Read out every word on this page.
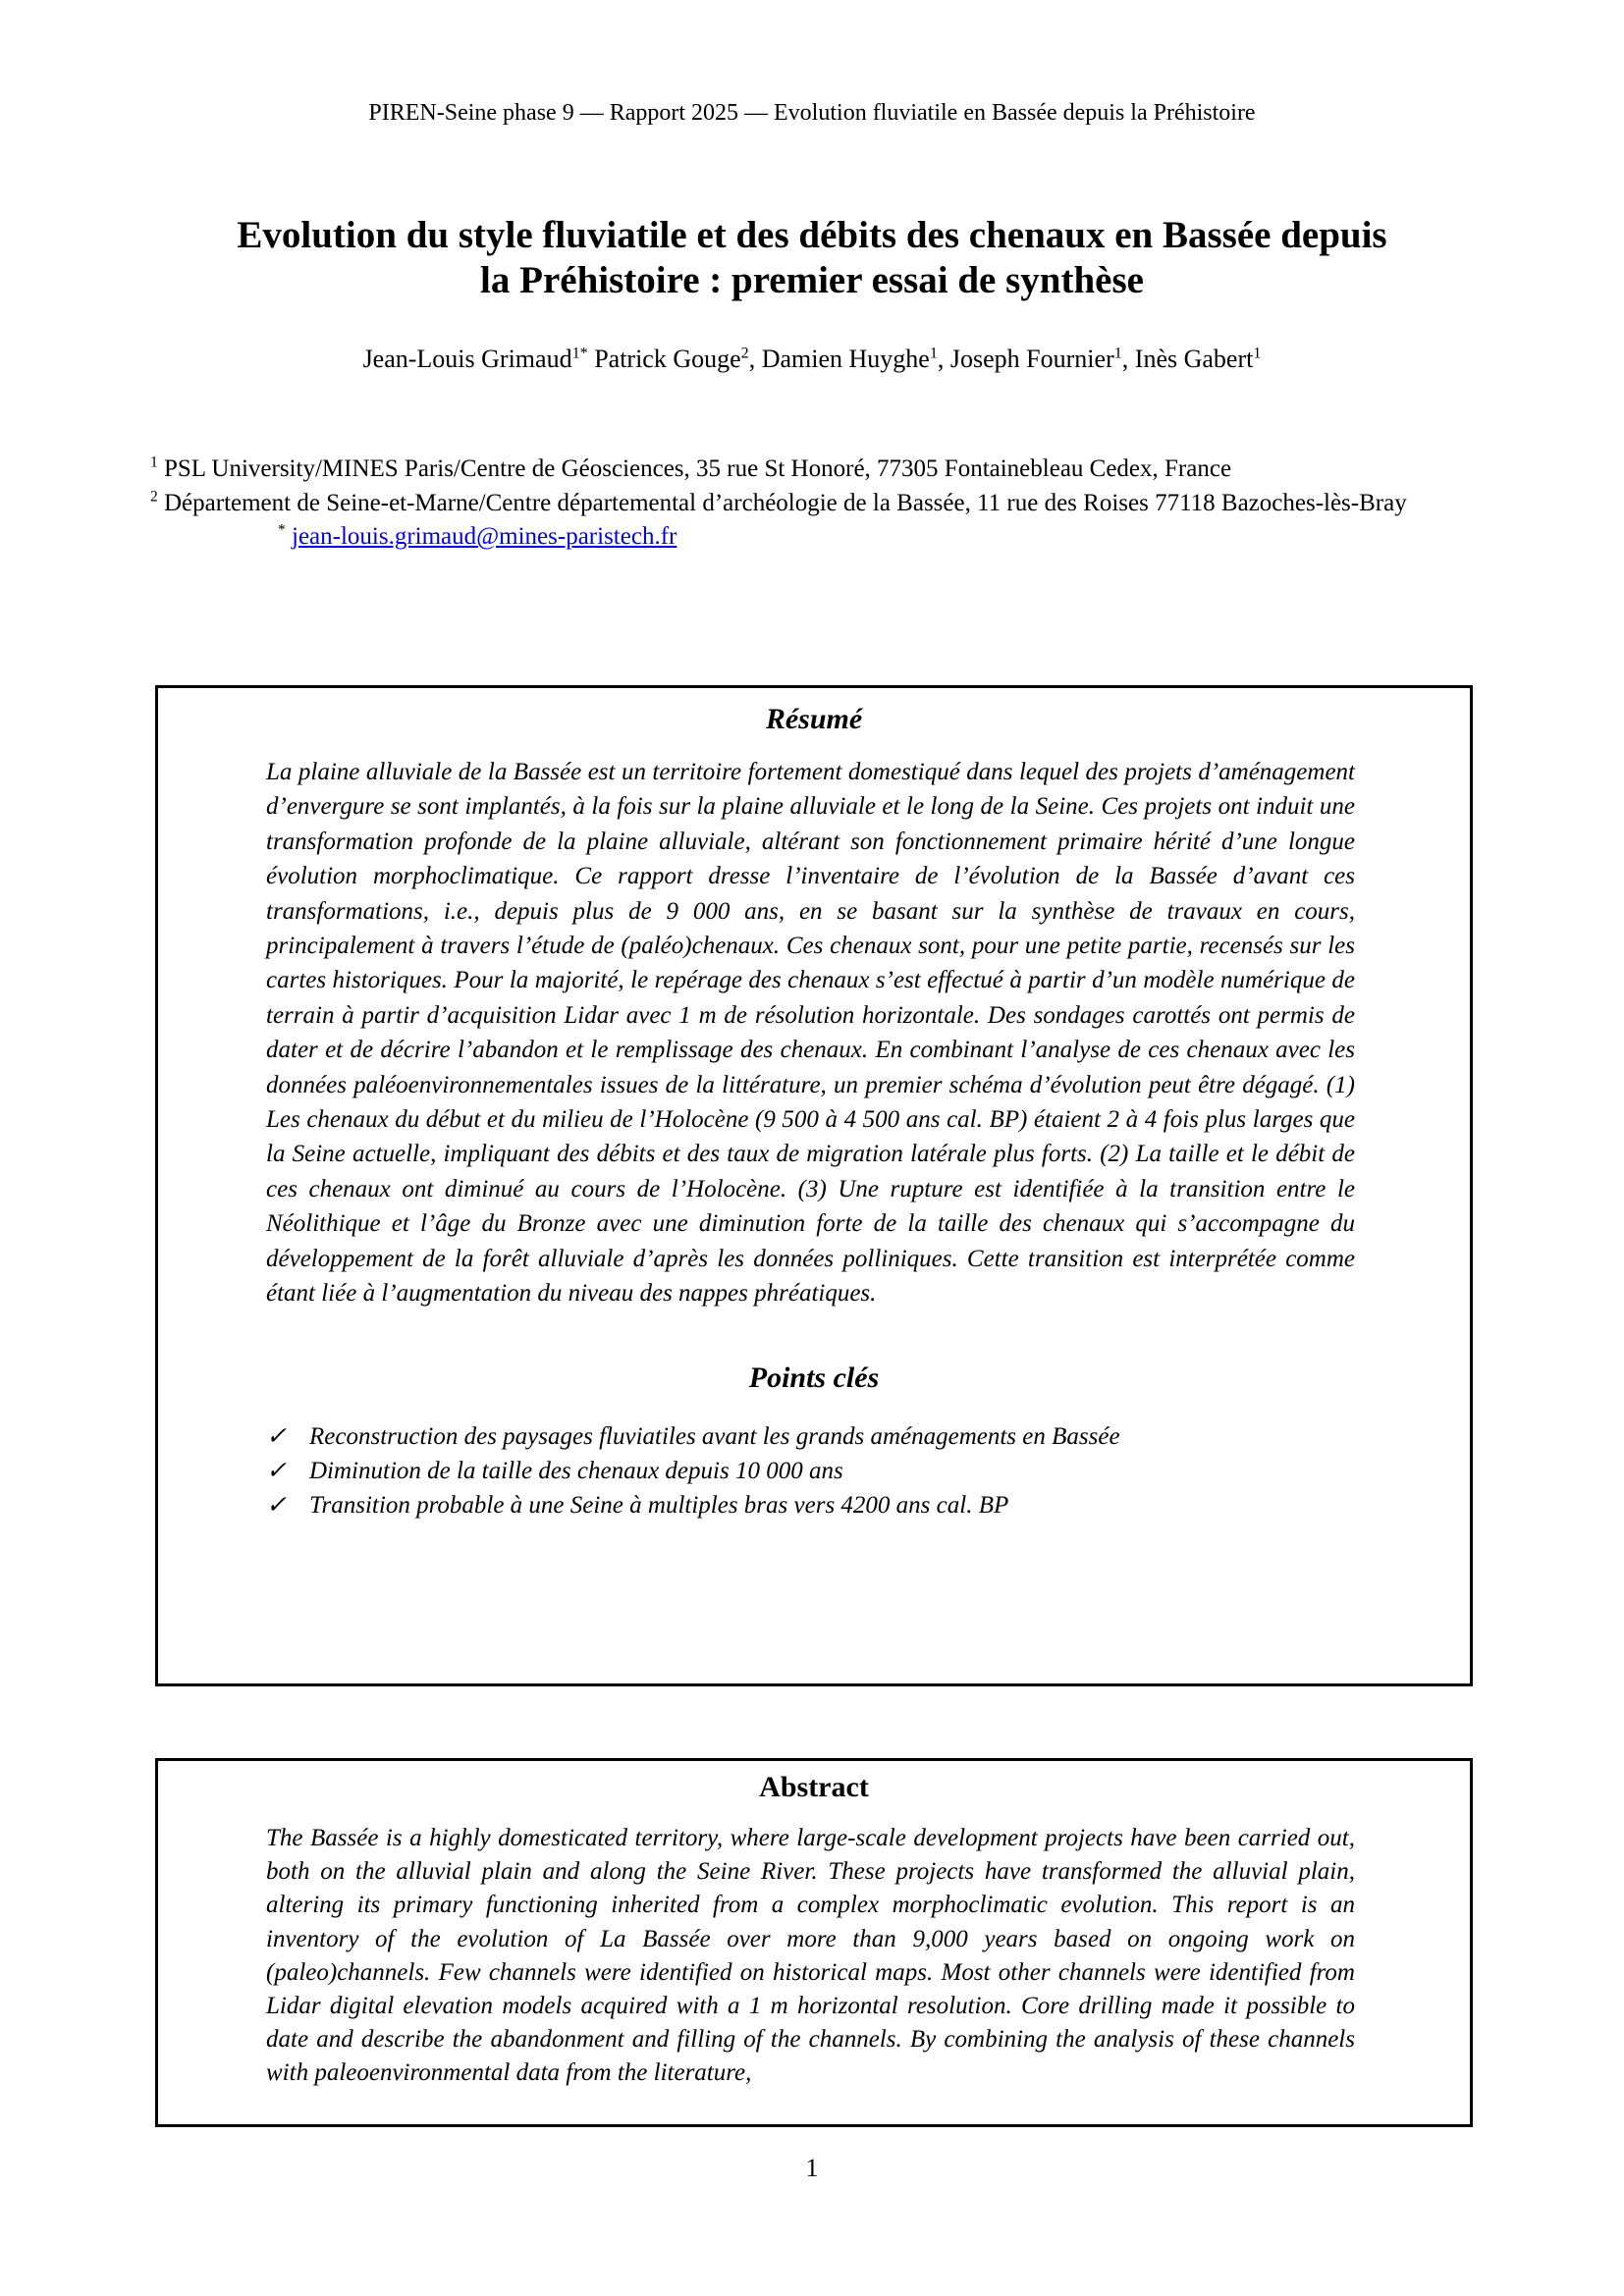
PIREN-Seine phase 9 — Rapport 2025 — Evolution fluviatile en Bassée depuis la Préhistoire
Evolution du style fluviatile et des débits des chenaux en Bassée depuis
la Préhistoire : premier essai de synthèse
Jean-Louis Grimaud$^{1*}$ Patrick Gouge$^2$, Damien Huyghe$^1$, Joseph Fournier$^1$, Inès Gabert$^1$
$^1$ PSL University/MINES Paris/Centre de Géosciences, 35 rue St Honoré, 77305 Fontainebleau Cedex, France
$^2$ Département de Seine-et-Marne/Centre départemental d’archéologie de la Bassée, 11 rue des Roises 77118 Bazoches-lès-Bray
* jean-louis.grimaud@mines-paristech.fr
Résumé
La plaine alluviale de la Bassée est un territoire fortement domestiqué dans lequel des projets d’aménagement d’envergure se sont implantés, à la fois sur la plaine alluviale et le long de la Seine. Ces projets ont induit une transformation profonde de la plaine alluviale, altérant son fonctionnement primaire hérité d’une longue évolution morphoclimatique. Ce rapport dresse l’inventaire de l’évolution de la Bassée d’avant ces transformations, i.e., depuis plus de 9 000 ans, en se basant sur la synthèse de travaux en cours, principalement à travers l’étude de (paléo)chenaux. Ces chenaux sont, pour une petite partie, recensés sur les cartes historiques. Pour la majorité, le repérage des chenaux s’est effectué à partir d’un modèle numérique de terrain à partir d’acquisition Lidar avec 1 m de résolution horizontale. Des sondages carottés ont permis de dater et de décrire l’abandon et le remplissage des chenaux. En combinant l’analyse de ces chenaux avec les données paléoenvironnementales issues de la littérature, un premier schéma d’évolution peut être dégagé. (1) Les chenaux du début et du milieu de l’Holocène (9 500 à 4 500 ans cal. BP) étaient 2 à 4 fois plus larges que la Seine actuelle, impliquant des débits et des taux de migration latérale plus forts. (2) La taille et le débit de ces chenaux ont diminué au cours de l’Holocène. (3) Une rupture est identifiée à la transition entre le Néolithique et l’âge du Bronze avec une diminution forte de la taille des chenaux qui s’accompagne du développement de la forêt alluviale d’après les données polliniques. Cette transition est interprétée comme étant liée à l’augmentation du niveau des nappes phréatiques.
Points clés
✓ Reconstruction des paysages fluviatiles avant les grands aménagements en Bassée
✓ Diminution de la taille des chenaux depuis 10 000 ans
✓ Transition probable à une Seine à multiples bras vers 4200 ans cal. BP
Abstract
The Bassée is a highly domesticated territory, where large-scale development projects have been carried out, both on the alluvial plain and along the Seine River. These projects have transformed the alluvial plain, altering its primary functioning inherited from a complex morphoclimatic evolution. This report is an inventory of the evolution of La Bassée over more than 9,000 years based on ongoing work on (paleo)channels. Few channels were identified on historical maps. Most other channels were identified from Lidar digital elevation models acquired with a 1 m horizontal resolution. Core drilling made it possible to date and describe the abandonment and filling of the channels. By combining the analysis of these channels with paleoenvironmental data from the literature,
1
